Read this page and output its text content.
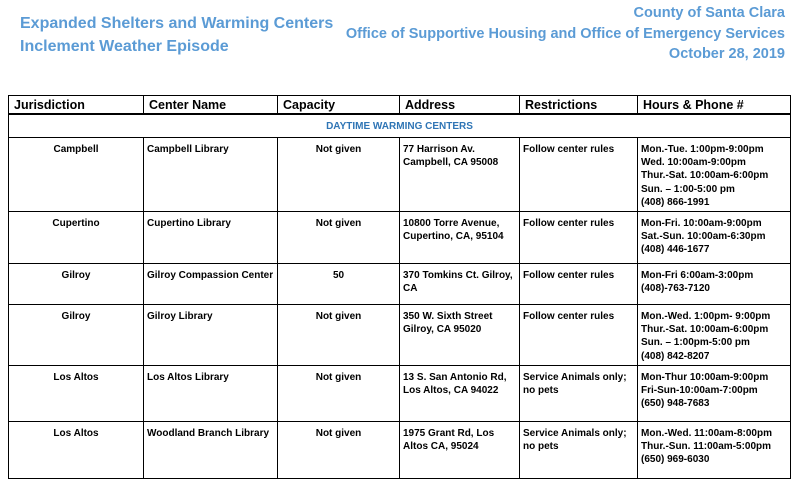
Expanded Shelters and Warming Centers
Inclement Weather Episode
County of Santa Clara
Office of Supportive Housing and Office of Emergency Services
October 28, 2019
Jurisdiction	Center Name	Capacity	Address	Restrictions	Hours & Phone #
DAYTIME WARMING CENTERS					
Campbell	Campbell Library	Not given	77 Harrison Av. Campbell, CA 95008	Follow center rules	Mon.-Tue. 1:00pm-9:00pm
Wed. 10:00am-9:00pm
Thur.-Sat. 10:00am-6:00pm
Sun. – 1:00-5:00 pm
(408) 866-1991

Cupertino	Cupertino Library	Not given	10800 Torre Avenue, Cupertino, CA, 95104	Follow center rules	Mon-Fri. 10:00am-9:00pm
Sat.-Sun. 10:00am-6:30pm
(408) 446-1677

Gilroy	Gilroy Compassion Center	50	370 Tomkins Ct. Gilroy, CA	Follow center rules	Mon-Fri 6:00am-3:00pm
(408)-763-7120

Gilroy	Gilroy Library	Not given	350 W. Sixth Street Gilroy, CA 95020	Follow center rules	Mon.-Wed. 1:00pm- 9:00pm
Thur.-Sat. 10:00am-6:00pm
Sun. – 1:00pm-5:00 pm
(408) 842-8207

Los Altos	Los Altos Library	Not given	13 S. San Antonio Rd, Los Altos, CA 94022	Service Animals only; no pets	Mon-Thur 10:00am-9:00pm
Fri-Sun-10:00am-7:00pm
(650) 948-7683

Los Altos	Woodland Branch Library	Not given	1975 Grant Rd, Los Altos CA, 95024	Service Animals only; no pets	Mon.-Wed. 11:00am-8:00pm
Thur.-Sun. 11:00am-5:00pm
(650) 969-6030
